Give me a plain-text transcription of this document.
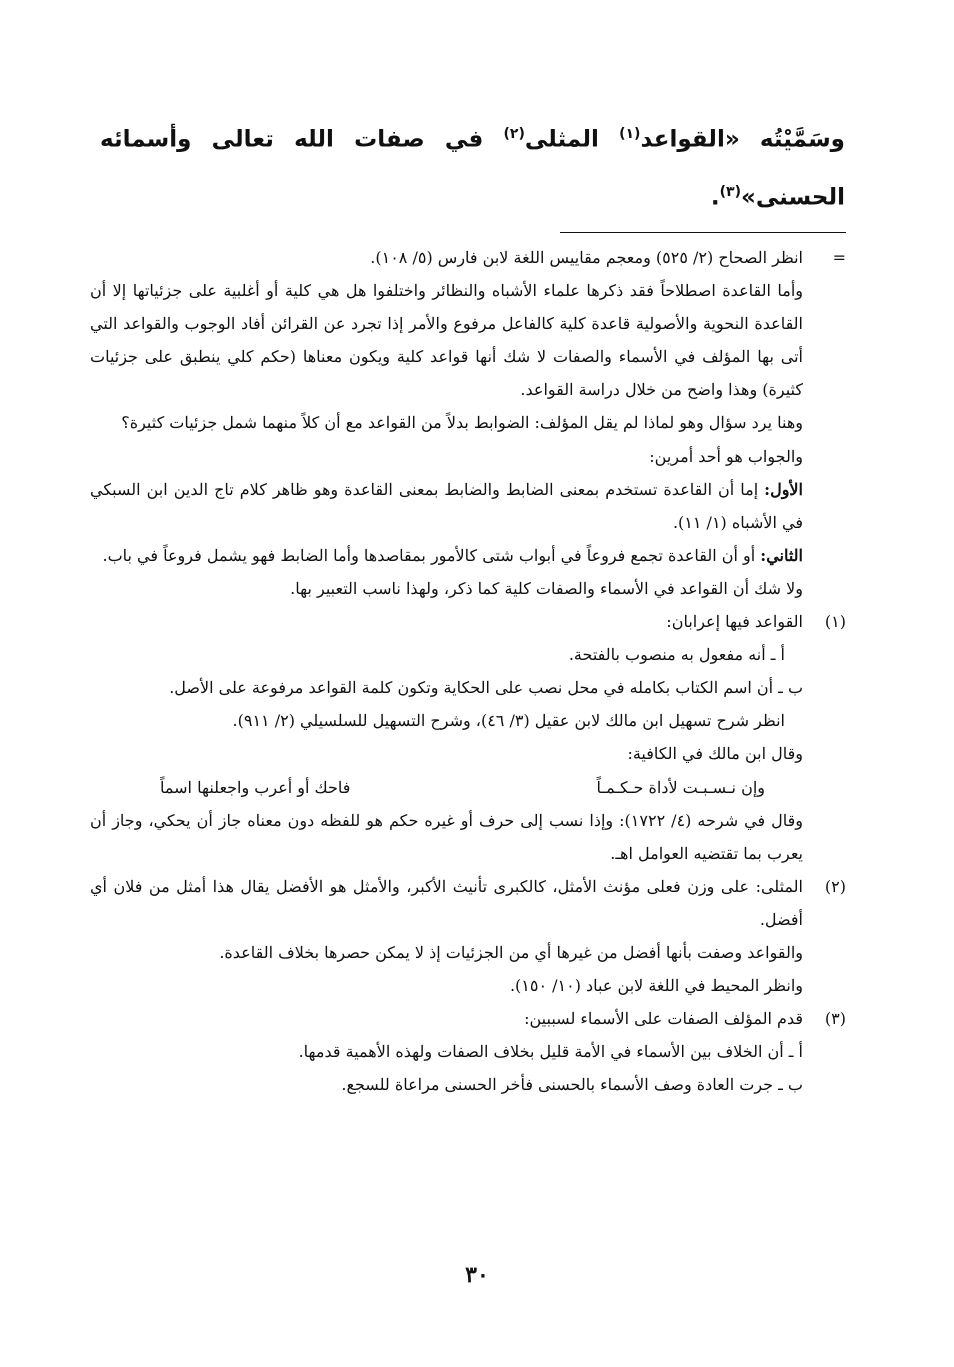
وسَمَّيْتُه «القواعد$^{(١)}$ المثلى$^{(٢)}$ في صفات الله تعالى وأسمائه الحسنى»$^{(٣)}$.
=
انظر الصحاح (٢/ ٥٢٥) ومعجم مقاييس اللغة لابن فارس (٥/ ١٠٨).
وأما القاعدة اصطلاحاً فقد ذكرها علماء الأشباه والنظائر واختلفوا هل هي كلية أو أغلبية على جزئياتها إلا أن القاعدة النحوية والأصولية قاعدة كلية كالفاعل مرفوع والأمر إذا تجرد عن القرائن أفاد الوجوب والقواعد التي أتى بها المؤلف في الأسماء والصفات لا شك أنها قواعد كلية ويكون معناها (حكم كلي ينطبق على جزئيات كثيرة) وهذا واضح من خلال دراسة القواعد.
وهنا يرد سؤال وهو لماذا لم يقل المؤلف: الضوابط بدلاً من القواعد مع أن كلاً منهما شمل جزئيات كثيرة؟
والجواب هو أحد أمرين:
الأول: إما أن القاعدة تستخدم بمعنى الضابط والضابط بمعنى القاعدة وهو ظاهر كلام تاج الدين ابن السبكي في الأشباه (١/ ١١).
الثاني: أو أن القاعدة تجمع فروعاً في أبواب شتى كالأمور بمقاصدها وأما الضابط فهو يشمل فروعاً في باب.
ولا شك أن القواعد في الأسماء والصفات كلية كما ذكر، ولهذا ناسب التعبير بها.
(١)
القواعد فيها إعرابان:
أ ـ أنه مفعول به منصوب بالفتحة.
ب ـ أن اسم الكتاب بكامله في محل نصب على الحكاية وتكون كلمة القواعد مرفوعة على الأصل.
انظر شرح تسهيل ابن مالك لابن عقيل (٣/ ٤٦)، وشرح التسهيل للسلسيلي (٢/ ٩١١).
وقال ابن مالك في الكافية:
وإن نـسـبـت لأداة حـكـمـاً
فاحك أو أعرب واجعلنها اسماً
وقال في شرحه (٤/ ١٧٢٢): وإذا نسب إلى حرف أو غيره حكم هو للفظه دون معناه جاز أن يحكي، وجاز أن يعرب بما تقتضيه العوامل اهـ.
(٢)
المثلى: على وزن فعلى مؤنث الأمثل، كالكبرى تأنيث الأكبر، والأمثل هو الأفضل يقال هذا أمثل من فلان أي أفضل.
والقواعد وصفت بأنها أفضل من غيرها أي من الجزئيات إذ لا يمكن حصرها بخلاف القاعدة.
وانظر المحيط في اللغة لابن عباد (١٠/ ١٥٠).
(٣)
قدم المؤلف الصفات على الأسماء لسببين:
أ ـ أن الخلاف بين الأسماء في الأمة قليل بخلاف الصفات ولهذه الأهمية قدمها.
ب ـ جرت العادة وصف الأسماء بالحسنى فأخر الحسنى مراعاة للسجع.
٣٠
